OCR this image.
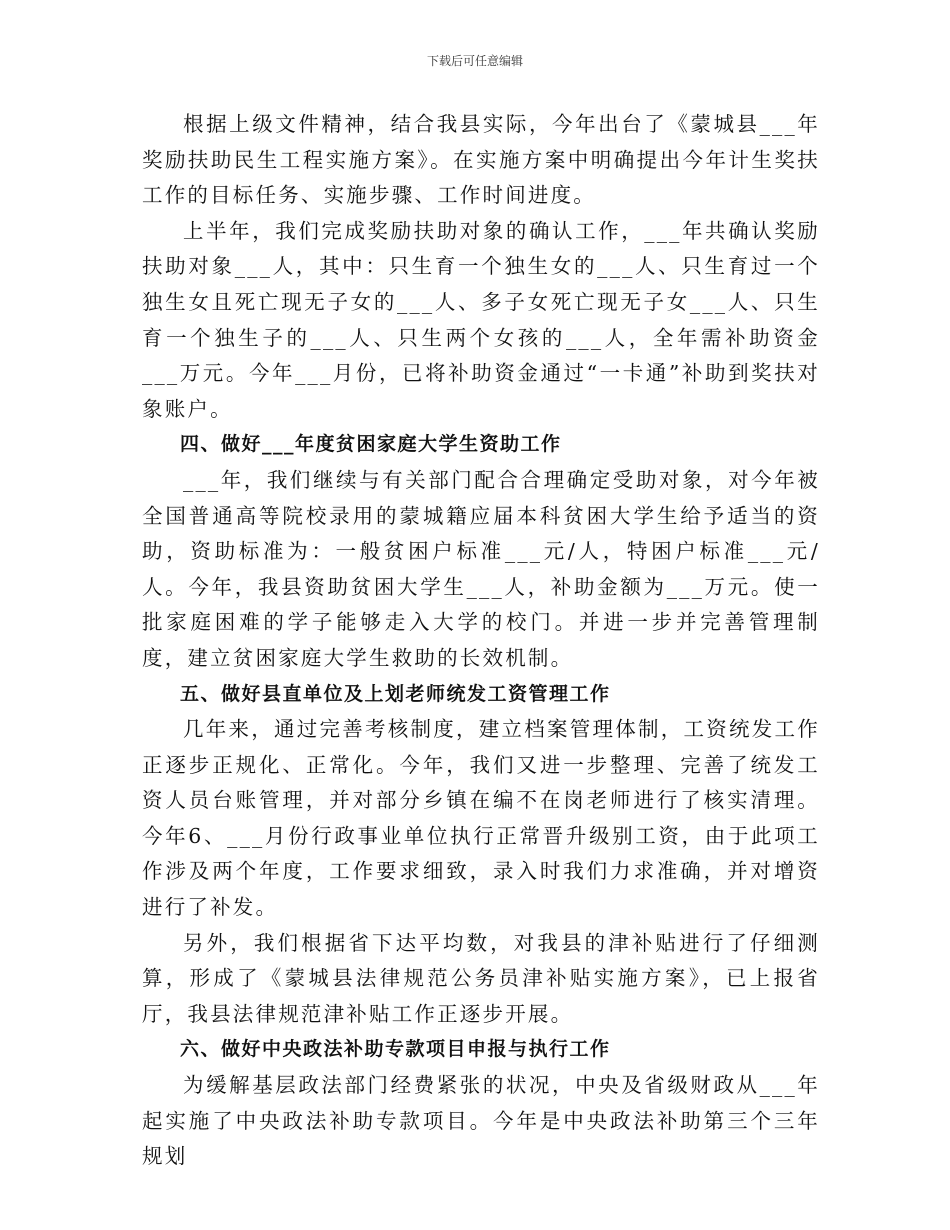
下载后可任意编辑

根据上级文件精神，结合我县实际，今年出台了《蒙城县___年奖励扶助民生工程实施方案》。在实施方案中明确提出今年计生奖扶工作的目标任务、实施步骤、工作时间进度。

上半年，我们完成奖励扶助对象的确认工作，___年共确认奖励扶助对象___人，其中：只生育一个独生女的___人、只生育过一个独生女且死亡现无子女的___人、多子女死亡现无子女___人、只生育一个独生子的___人、只生两个女孩的___人，全年需补助资金___万元。今年___月份，已将补助资金通过“一卡通”补助到奖扶对象账户。

四、做好___年度贫困家庭大学生资助工作

___年，我们继续与有关部门配合合理确定受助对象，对今年被全国普通高等院校录用的蒙城籍应届本科贫困大学生给予适当的资助，资助标准为：一般贫困户标准___元/人，特困户标准___元/人。今年，我县资助贫困大学生___人，补助金额为___万元。使一批家庭困难的学子能够走入大学的校门。并进一步并完善管理制度，建立贫困家庭大学生救助的长效机制。

五、做好县直单位及上划老师统发工资管理工作

几年来，通过完善考核制度，建立档案管理体制，工资统发工作正逐步正规化、正常化。今年，我们又进一步整理、完善了统发工资人员台账管理，并对部分乡镇在编不在岗老师进行了核实清理。今年6、___月份行政事业单位执行正常晋升级别工资，由于此项工作涉及两个年度，工作要求细致，录入时我们力求准确，并对增资进行了补发。

另外，我们根据省下达平均数，对我县的津补贴进行了仔细测算，形成了《蒙城县法律规范公务员津补贴实施方案》，已上报省厅，我县法律规范津补贴工作正逐步开展。

六、做好中央政法补助专款项目申报与执行工作

为缓解基层政法部门经费紧张的状况，中央及省级财政从___年起实施了中央政法补助专款项目。今年是中央政法补助第三个三年规划
